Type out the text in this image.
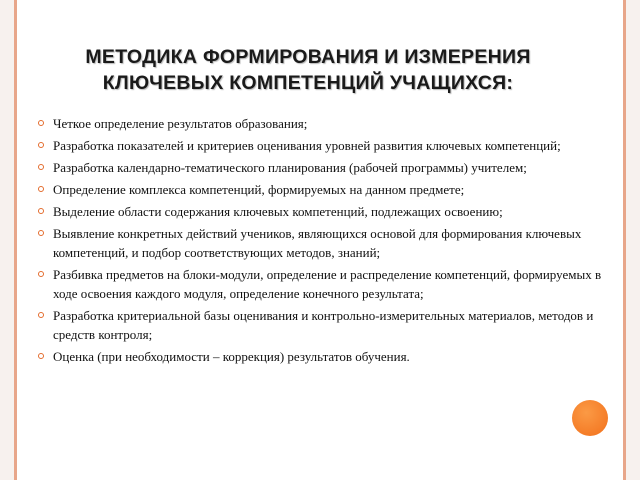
МЕТОДИКА ФОРМИРОВАНИЯ И ИЗМЕРЕНИЯ
КЛЮЧЕВЫХ КОМПЕТЕНЦИЙ УЧАЩИХСЯ:
Четкое определение результатов образования;
Разработка показателей и критериев оценивания уровней развития ключевых компетенций;
Разработка календарно-тематического планирования (рабочей программы) учителем;
Определение комплекса компетенций, формируемых на данном предмете;
Выделение области содержания ключевых компетенций, подлежащих освоению;
Выявление конкретных действий учеников, являющихся основой для формирования ключевых компетенций, и подбор соответствующих методов, знаний;
Разбивка предметов на блоки-модули, определение и распределение компетенций, формируемых в ходе освоения каждого модуля, определение конечного результата;
Разработка критериальной базы оценивания и контрольно-измерительных материалов, методов и средств контроля;
Оценка (при необходимости – коррекция) результатов обучения.
